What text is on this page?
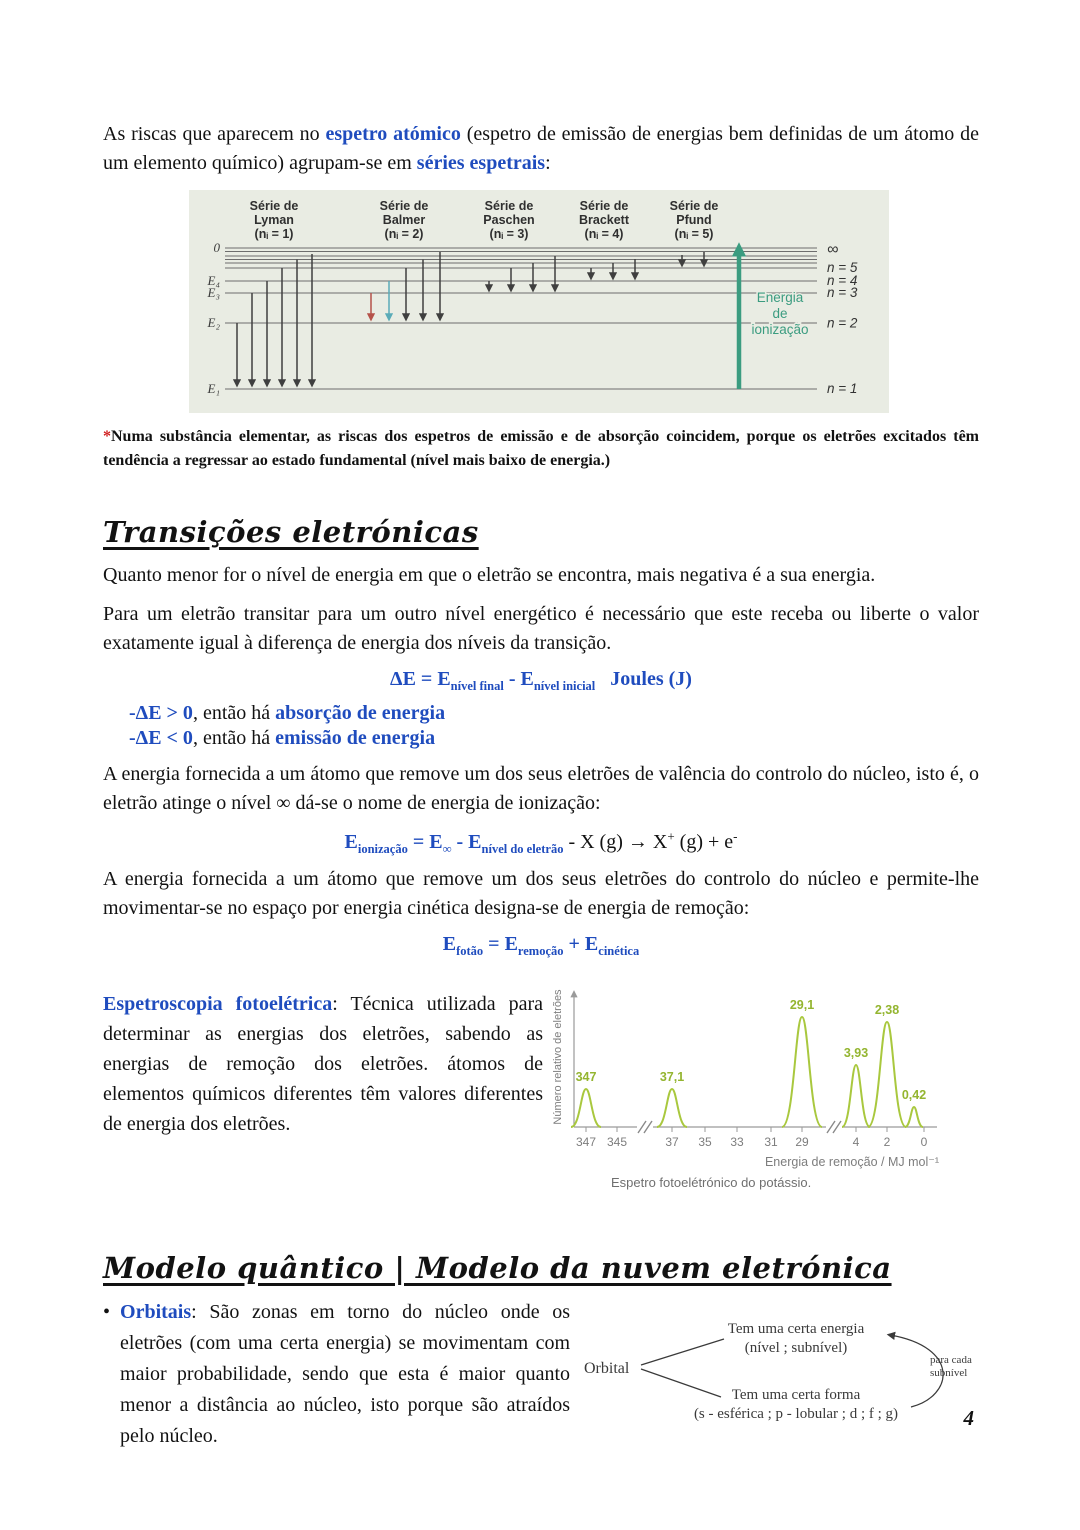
As riscas que aparecem no espetro atómico (espetro de emissão de energias bem definidas de um átomo de um elemento químico) agrupam-se em séries espetrais:

Série de
Lyman
(nᵢ = 1)
Série de
Balmer
(nᵢ = 2)
Série de
Paschen
(nᵢ = 3)
Série de
Brackett
(nᵢ = 4)
Série de
Pfund
(nᵢ = 5)
0
E₄
E₃
E₂
E₁
∞
n = 5
n = 4
n = 3
n = 2
n = 1
Energia
de
ionização

*Numa substância elementar, as riscas dos espetros de emissão e de absorção coincidem, porque os eletrões excitados têm tendência a regressar ao estado fundamental (nível mais baixo de energia.)

Transições eletrónicas

Quanto menor for o nível de energia em que o eletrão se encontra, mais negativa é a sua energia.

Para um eletrão transitar para um outro nível energético é necessário que este receba ou liberte o valor exatamente igual à diferença de energia dos níveis da transição.

$\Delta E = E_{nível final} - E_{nível inicial}$ Joules (J)
-ΔE > 0, então há absorção de energia
-ΔE < 0, então há emissão de energia

A energia fornecida a um átomo que remove um dos seus eletrões de valência do controlo do núcleo, isto é, o eletrão atinge o nível ∞ dá-se o nome de energia de ionização:

$E_{ionização} = E_\infty - E_{nível do eletrão} - X$ (g) → X+ (g) + e-

A energia fornecida a um átomo que remove um dos seus eletrões do controlo do núcleo e permite-lhe movimentar-se no espaço por energia cinética designa-se de energia de remoção:

$E_{fotão} = E_{remoção} + E_{cinética}$
Espetroscopia fotoelétrica: Técnica utilizada para determinar as energias dos eletrões, sabendo as energias de remoção dos eletrões. átomos de elementos químicos diferentes têm valores diferentes de energia dos eletrões.	Número relativo de eletrões
347 345	37 35 33 31 29	4 2	0
347	37,1
29,1
3,93
2,38
0,42
Energia de remoção / MJ mol⁻¹
Espetro fotoelétrónico do potássio.
Modelo quântico | Modelo da nuvem eletrónica
• Orbitais: São zonas em torno do núcleo onde os eletrões (com uma certa energia) se movimentam com maior probabilidade, sendo que esta é maior quanto menor a distância ao núcleo, isto porque são atraídos pelo núcleo.
Orbital
Tem uma certa energia
(nível ; subnível)
Tem uma certa forma
(s - esférica ; p - lobular ; d ; f ; g)
para cada
subnível
4
